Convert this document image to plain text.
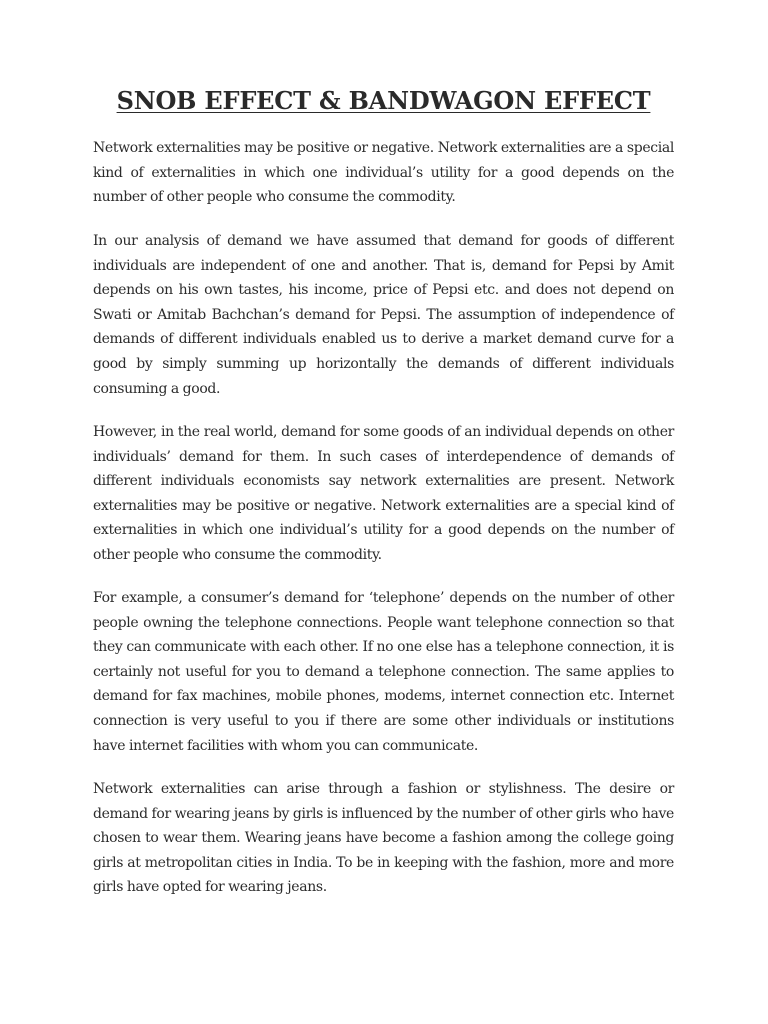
SNOB EFFECT & BANDWAGON EFFECT

Network externalities may be positive or negative. Network externalities are a special kind of externalities in which one individual’s utility for a good depends on the number of other people who consume the commodity.

In our analysis of demand we have assumed that demand for goods of different individuals are independent of one and another. That is, demand for Pepsi by Amit depends on his own tastes, his income, price of Pepsi etc. and does not depend on Swati or Amitab Bachchan’s demand for Pepsi. The assumption of independence of demands of different individuals enabled us to derive a market demand curve for a good by simply summing up horizontally the demands of different individuals consuming a good.

However, in the real world, demand for some goods of an individual depends on other individuals’ demand for them. In such cases of interdependence of demands of different individuals economists say network externalities are present. Network externalities may be positive or negative. Network externalities are a special kind of externalities in which one individual’s utility for a good depends on the number of other people who consume the commodity.

For example, a consumer’s demand for ‘telephone’ depends on the number of other people owning the telephone connections. People want telephone connection so that they can communicate with each other. If no one else has a telephone connection, it is certainly not useful for you to demand a telephone connection. The same applies to demand for fax machines, mobile phones, modems, internet connection etc. Internet connection is very useful to you if there are some other individuals or institutions have internet facilities with whom you can communicate.

Network externalities can arise through a fashion or stylishness. The desire or demand for wearing jeans by girls is influenced by the number of other girls who have chosen to wear them. Wearing jeans have become a fashion among the college going girls at metropolitan cities in India. To be in keeping with the fashion, more and more girls have opted for wearing jeans.
